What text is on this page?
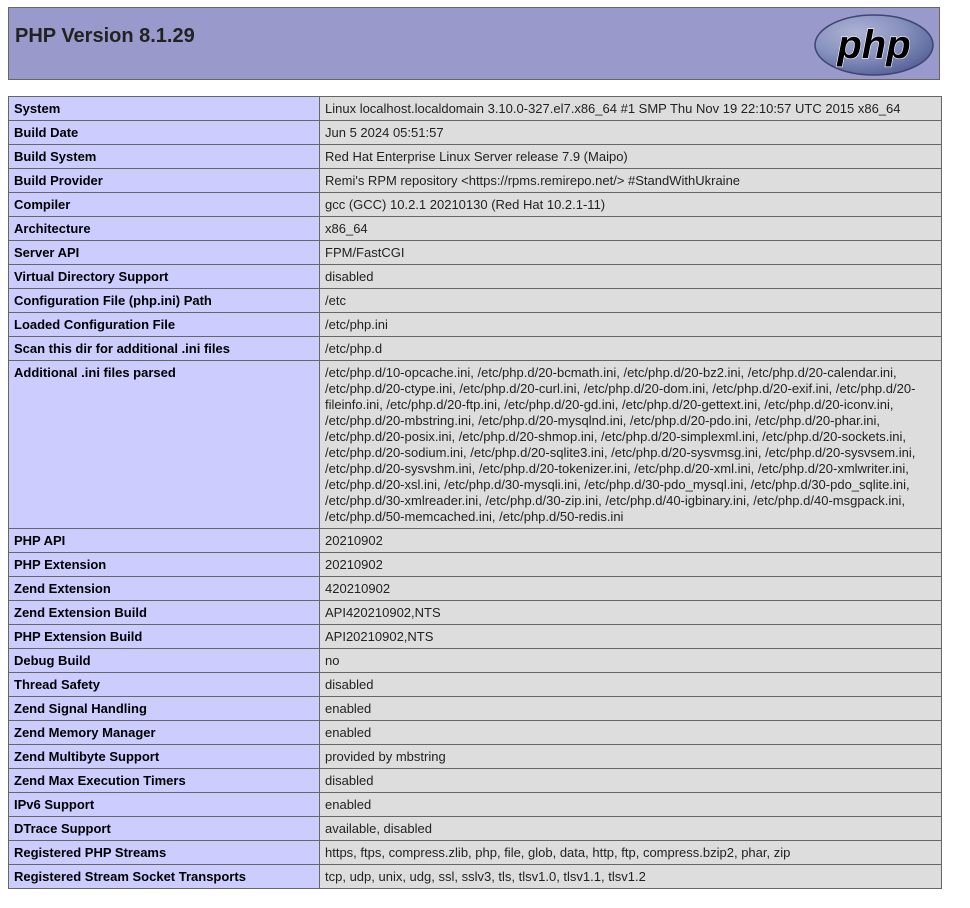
PHP Version 8.1.29	php
System	Linux localhost.localdomain 3.10.0-327.el7.x86_64 #1 SMP Thu Nov 19 22:10:57 UTC 2015 x86_64
Build Date	Jun 5 2024 05:51:57
Build System	Red Hat Enterprise Linux Server release 7.9 (Maipo)
Build Provider	Remi's RPM repository <https://rpms.remirepo.net/> #StandWithUkraine
Compiler	gcc (GCC) 10.2.1 20210130 (Red Hat 10.2.1-11)
Architecture	x86_64
Server API	FPM/FastCGI
Virtual Directory Support	disabled
Configuration File (php.ini) Path	/etc
Loaded Configuration File	/etc/php.ini
Scan this dir for additional .ini files	/etc/php.d
Additional .ini files parsed	/etc/php.d/10-opcache.ini, /etc/php.d/20-bcmath.ini, /etc/php.d/20-bz2.ini, /etc/php.d/20-calendar.ini, /etc/php.d/20-ctype.ini, /etc/php.d/20-curl.ini, /etc/php.d/20-dom.ini, /etc/php.d/20-exif.ini, /etc/php.d/20-fileinfo.ini, /etc/php.d/20-ftp.ini, /etc/php.d/20-gd.ini, /etc/php.d/20-gettext.ini, /etc/php.d/20-iconv.ini, /etc/php.d/20-mbstring.ini, /etc/php.d/20-mysqlnd.ini, /etc/php.d/20-pdo.ini, /etc/php.d/20-phar.ini, /etc/php.d/20-posix.ini, /etc/php.d/20-shmop.ini, /etc/php.d/20-simplexml.ini, /etc/php.d/20-sockets.ini, /etc/php.d/20-sodium.ini, /etc/php.d/20-sqlite3.ini, /etc/php.d/20-sysvmsg.ini, /etc/php.d/20-sysvsem.ini, /etc/php.d/20-sysvshm.ini, /etc/php.d/20-tokenizer.ini, /etc/php.d/20-xml.ini, /etc/php.d/20-xmlwriter.ini, /etc/php.d/20-xsl.ini, /etc/php.d/30-mysqli.ini, /etc/php.d/30-pdo_mysql.ini, /etc/php.d/30-pdo_sqlite.ini, /etc/php.d/30-xmlreader.ini, /etc/php.d/30-zip.ini, /etc/php.d/40-igbinary.ini, /etc/php.d/40-msgpack.ini, /etc/php.d/50-memcached.ini, /etc/php.d/50-redis.ini
PHP API	20210902
PHP Extension	20210902
Zend Extension	420210902
Zend Extension Build	API420210902,NTS
PHP Extension Build	API20210902,NTS
Debug Build	no
Thread Safety	disabled
Zend Signal Handling	enabled
Zend Memory Manager	enabled
Zend Multibyte Support	provided by mbstring
Zend Max Execution Timers	disabled
IPv6 Support	enabled
DTrace Support	available, disabled
Registered PHP Streams	https, ftps, compress.zlib, php, file, glob, data, http, ftp, compress.bzip2, phar, zip
Registered Stream Socket Transports	tcp, udp, unix, udg, ssl, sslv3, tls, tlsv1.0, tlsv1.1, tlsv1.2
